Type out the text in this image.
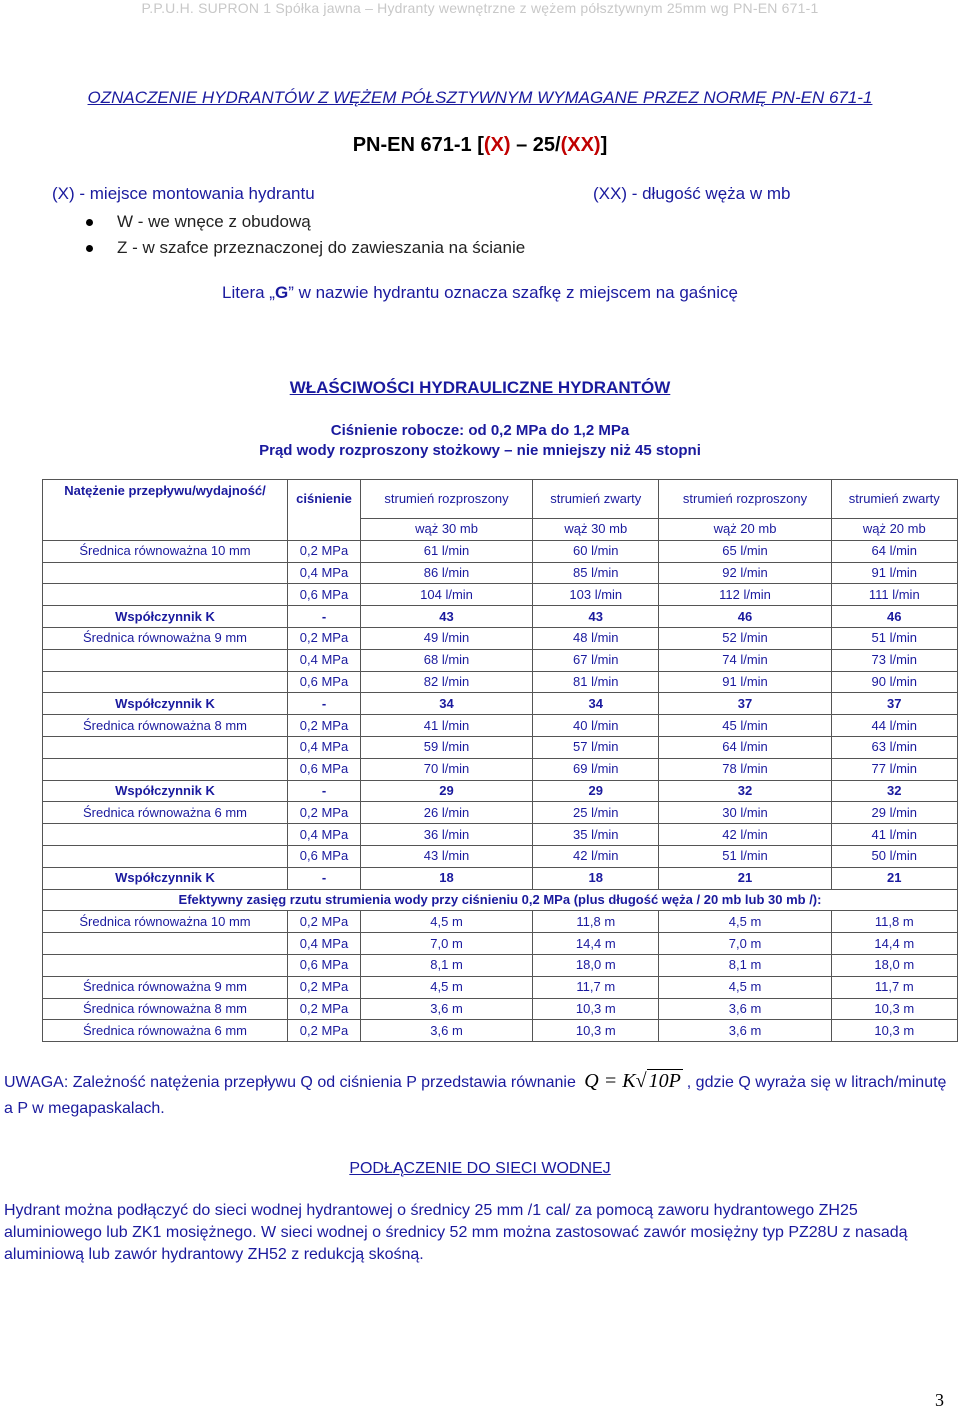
P.P.U.H. SUPRON 1 Spółka jawna – Hydranty wewnętrzne z wężem półsztywnym 25mm wg PN-EN 671-1
OZNACZENIE HYDRANTÓW Z WĘŻEM PÓŁSZTYWNYM WYMAGANE PRZEZ NORMĘ PN-EN 671-1
PN-EN 671-1 [(X) – 25/(XX)]
(X) - miejsce montowania hydrantu	(XX) - długość węża w mb
W - we wnęce z obudową
Z - w szafce przeznaczonej do zawieszania na ścianie
Litera „G” w nazwie hydrantu oznacza szafkę z miejscem na gaśnicę
WŁAŚCIWOŚCI HYDRAULICZNE HYDRANTÓW
Ciśnienie robocze: od 0,2 MPa do 1,2 MPa
Prąd wody rozproszony stożkowy – nie mniejszy niż 45 stopni
Natężenie przepływu/wydajność/	ciśnienie	strumień rozproszony	strumień zwarty	strumień rozproszony	strumień zwarty
		wąż 30 mb	wąż 30 mb	wąż 20 mb	wąż 20 mb
Średnica równoważna 10 mm	0,2 MPa	61 l/min	60 l/min	65 l/min	64 l/min
	0,4 MPa	86 l/min	85 l/min	92 l/min	91 l/min
	0,6 MPa	104 l/min	103 l/min	112 l/min	111 l/min
Współczynnik K	-	43	43	46	46
Średnica równoważna 9 mm	0,2 MPa	49 l/min	48 l/min	52 l/min	51 l/min
	0,4 MPa	68 l/min	67 l/min	74 l/min	73 l/min
	0,6 MPa	82 l/min	81 l/min	91 l/min	90 l/min
Współczynnik K	-	34	34	37	37
Średnica równoważna 8 mm	0,2 MPa	41 l/min	40 l/min	45 l/min	44 l/min
	0,4 MPa	59 l/min	57 l/min	64 l/min	63 l/min
	0,6 MPa	70 l/min	69 l/min	78 l/min	77 l/min
Współczynnik K	-	29	29	32	32
Średnica równoważna 6 mm	0,2 MPa	26 l/min	25 l/min	30 l/min	29 l/min
	0,4 MPa	36 l/min	35 l/min	42 l/min	41 l/min
	0,6 MPa	43 l/min	42 l/min	51 l/min	50 l/min
Współczynnik K	-	18	18	21	21
Efektywny zasięg rzutu strumienia wody przy ciśnieniu 0,2 MPa (plus długość węża / 20 mb lub 30 mb /):					
Średnica równoważna 10 mm	0,2 MPa	4,5 m	11,8 m	4,5 m	11,8 m
	0,4 MPa	7,0 m	14,4 m	7,0 m	14,4 m
	0,6 MPa	8,1 m	18,0 m	8,1 m	18,0 m
Średnica równoważna 9 mm	0,2 MPa	4,5 m	11,7 m	4,5 m	11,7 m
Średnica równoważna 8 mm	0,2 MPa	3,6 m	10,3 m	3,6 m	10,3 m
Średnica równoważna 6 mm	0,2 MPa	3,6 m	10,3 m	3,6 m	10,3 m
UWAGA: Zależność natężenia przepływu Q od ciśnienia P przedstawia równanie Q = K√ 10P , gdzie Q wyraża się w litrach/minutę a P w megapaskalach.
PODŁĄCZENIE DO SIECI WODNEJ
Hydrant można podłączyć do sieci wodnej hydrantowej o średnicy 25 mm /1 cal/ za pomocą zaworu hydrantowego ZH25 aluminiowego lub ZK1 mosiężnego. W sieci wodnej o średnicy 52 mm można zastosować zawór mosiężny typ PZ28U z nasadą aluminiową lub zawór hydrantowy ZH52 z redukcją skośną.
3
